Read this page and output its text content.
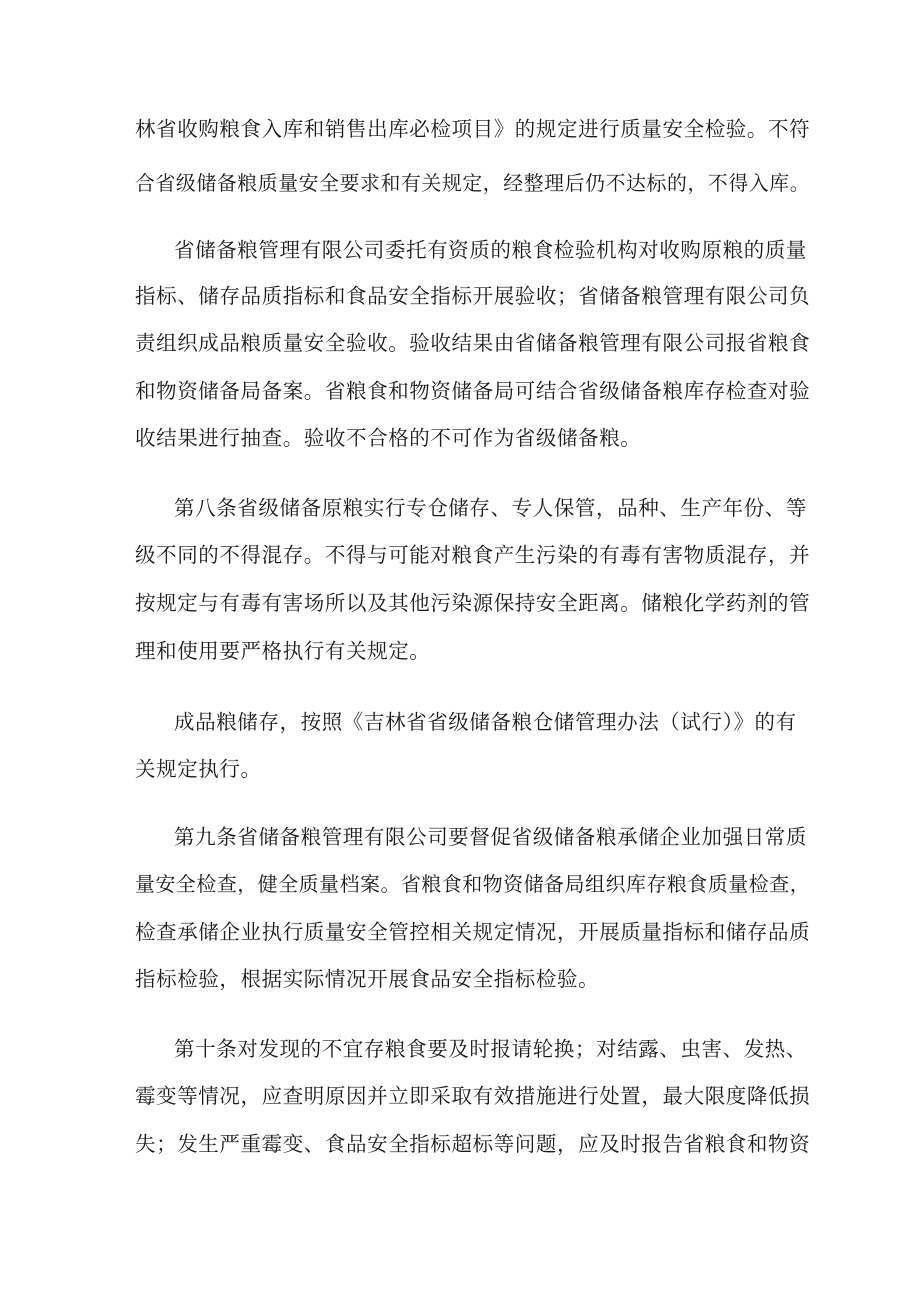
林省收购粮食入库和销售出库必检项目》的规定进行质量安全检验。不符
合省级储备粮质量安全要求和有关规定，经整理后仍不达标的，不得入库。
省储备粮管理有限公司委托有资质的粮食检验机构对收购原粮的质量
指标、储存品质指标和食品安全指标开展验收；省储备粮管理有限公司负
责组织成品粮质量安全验收。验收结果由省储备粮管理有限公司报省粮食
和物资储备局备案。省粮食和物资储备局可结合省级储备粮库存检查对验
收结果进行抽查。验收不合格的不可作为省级储备粮。
第八条省级储备原粮实行专仓储存、专人保管，品种、生产年份、等
级不同的不得混存。不得与可能对粮食产生污染的有毒有害物质混存，并
按规定与有毒有害场所以及其他污染源保持安全距离。储粮化学药剂的管
理和使用要严格执行有关规定。
成品粮储存，按照《吉林省省级储备粮仓储管理办法（试行）》的有
关规定执行。
第九条省储备粮管理有限公司要督促省级储备粮承储企业加强日常质
量安全检查，健全质量档案。省粮食和物资储备局组织库存粮食质量检查，
检查承储企业执行质量安全管控相关规定情况，开展质量指标和储存品质
指标检验，根据实际情况开展食品安全指标检验。
第十条对发现的不宜存粮食要及时报请轮换；对结露、虫害、发热、
霉变等情况，应查明原因并立即采取有效措施进行处置，最大限度降低损
失；发生严重霉变、食品安全指标超标等问题，应及时报告省粮食和物资
